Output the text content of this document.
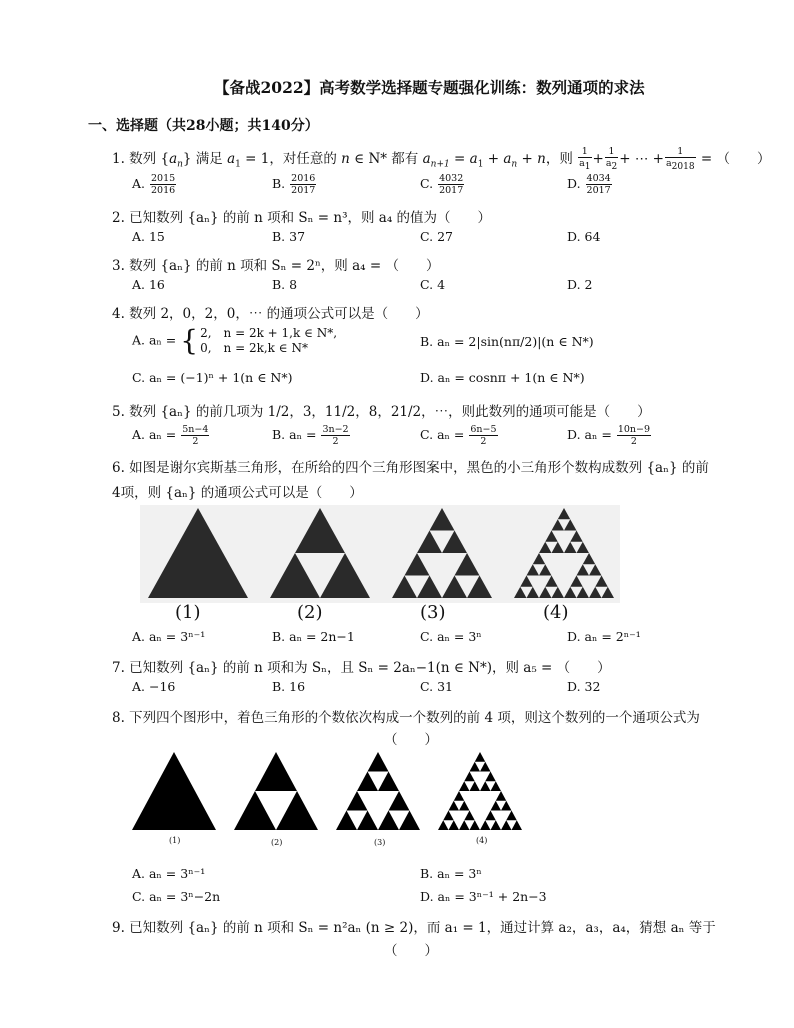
【备战2022】高考数学选择题专题强化训练：数列通项的求法
一、选择题（共28小题；共140分）
1. 数列 $\{a_n\}$ 满足 $a_1 = 1$，对任意的 n ∈ N* 都有 $a_{n+1} = a_1 + a_n + n$，则 $\frac{1}{a_1} + \frac{1}{a_2}$ + ⋯ + $\frac{1}{a_{2018}}$ = （　　）
A. $\frac{2015}{2016}$	B. $\frac{2016}{2017}$	C. $\frac{4032}{2017}$	D. $\frac{4034}{2017}$
2. 已知数列 {aₙ} 的前 n 项和 Sₙ = n³，则 a₄ 的值为（　　）
A. 15	B. 37	C. 27	D. 64
3. 数列 {aₙ} 的前 n 项和 Sₙ = 2ⁿ，则 a₄ = （　　）
A. 16	B. 8	C. 4	D. 2
4. 数列 2，0，2，0，⋯ 的通项公式可以是（　　）
A. aₙ = { 2,　n = 2k + 1,k ∈ N*,
0,　n = 2k,k ∈ N*	B. aₙ = 2|sin(nπ/2)|(n ∈ N*)
C. aₙ = (−1)ⁿ + 1(n ∈ N*)	D. aₙ = cosnπ + 1(n ∈ N*)
5. 数列 {aₙ} 的前几项为 1/2，3，11/2，8，21/2，⋯，则此数列的通项可能是（　　）
A. $a_n = \frac{5n-4}{2}$	B. $a_n = \frac{3n-2}{2}$	C. $a_n = \frac{6n-5}{2}$	D. $a_n = \frac{10n-9}{2}$
6. 如图是谢尔宾斯基三角形，在所给的四个三角形图案中，黑色的小三角形个数构成数列 {aₙ} 的前
4项，则 {aₙ} 的通项公式可以是（　　）
(1)	(2)	(3)	(4)
A. aₙ = 3ⁿ⁻¹	B. aₙ = 2n−1	C. aₙ = 3ⁿ	D. aₙ = 2ⁿ⁻¹
7. 已知数列 {aₙ} 的前 n 项和为 Sₙ，且 Sₙ = 2aₙ−1(n ∈ N*)，则 a₅ = （　　）
A. −16	B. 16	C. 31	D. 32
8. 下列四个图形中，着色三角形的个数依次构成一个数列的前 4 项，则这个数列的一个通项公式为
（　　）
(1)	(2)	(3)	(4)
A. aₙ = 3ⁿ⁻¹	B. aₙ = 3ⁿ
C. aₙ = 3ⁿ−2n	D. aₙ = 3ⁿ⁻¹ + 2n−3
9. 已知数列 {aₙ} 的前 n 项和 Sₙ = n²aₙ (n ≥ 2)，而 a₁ = 1，通过计算 a₂，a₃，a₄，猜想 aₙ 等于
（　　）
